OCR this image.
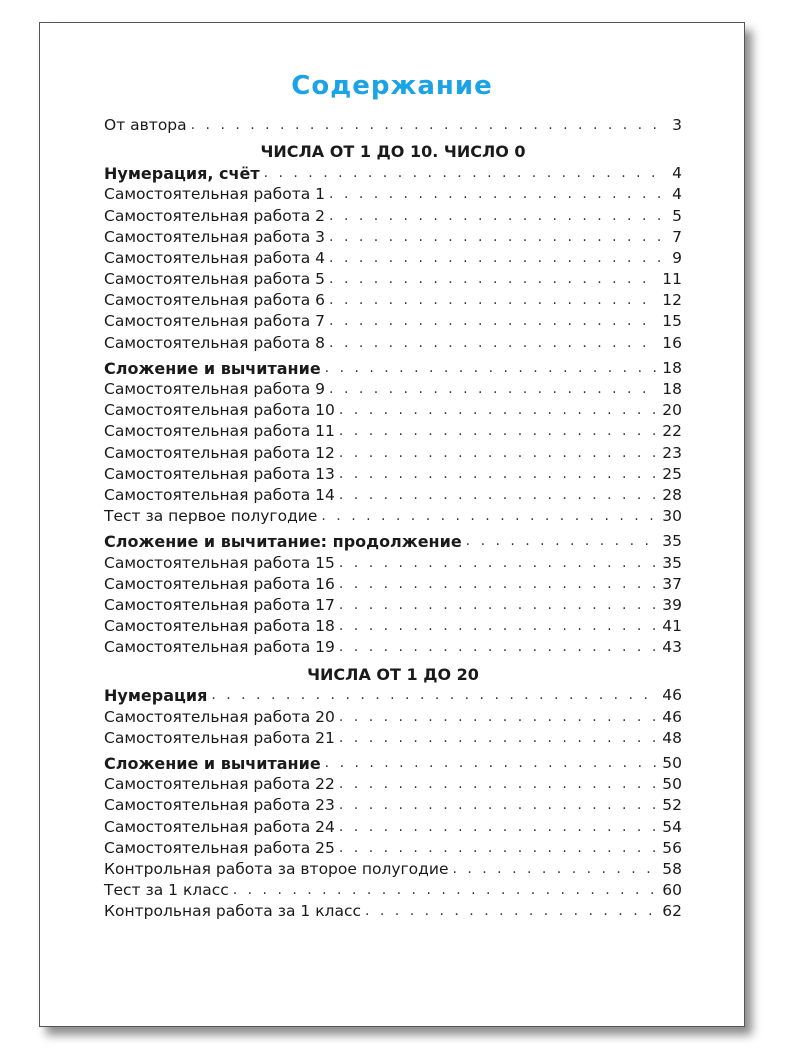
Содержание
От автора . . .	3
ЧИСЛА ОТ 1 ДО 10. ЧИСЛО 0
Нумерация, счёт . . .	4
Самостоятельная работа 1 . . .	4
Самостоятельная работа 2 . . .	5
Самостоятельная работа 3 . . .	7
Самостоятельная работа 4 . . .	9
Самостоятельная работа 5 . . .	11
Самостоятельная работа 6 . . .	12
Самостоятельная работа 7 . . .	15
Самостоятельная работа 8 . . .	16
Сложение и вычитание . . .	18
Самостоятельная работа 9 . . .	18
Самостоятельная работа 10 . . .	20
Самостоятельная работа 11 . . .	22
Самостоятельная работа 12 . . .	23
Самостоятельная работа 13 . . .	25
Самостоятельная работа 14 . . .	28
Тест за первое полугодие . . .	30
Сложение и вычитание: продолжение . . .	35
Самостоятельная работа 15 . . .	35
Самостоятельная работа 16 . . .	37
Самостоятельная работа 17 . . .	39
Самостоятельная работа 18 . . .	41
Самостоятельная работа 19 . . .	43
ЧИСЛА ОТ 1 ДО 20
Нумерация . . .	46
Самостоятельная работа 20 . . .	46
Самостоятельная работа 21 . . .	48
Сложение и вычитание . . .	50
Самостоятельная работа 22 . . .	50
Самостоятельная работа 23 . . .	52
Самостоятельная работа 24 . . .	54
Самостоятельная работа 25 . . .	56
Контрольная работа за второе полугодие . . .	58
Тест за 1 класс . . .	60
Контрольная работа за 1 класс . . .	62
